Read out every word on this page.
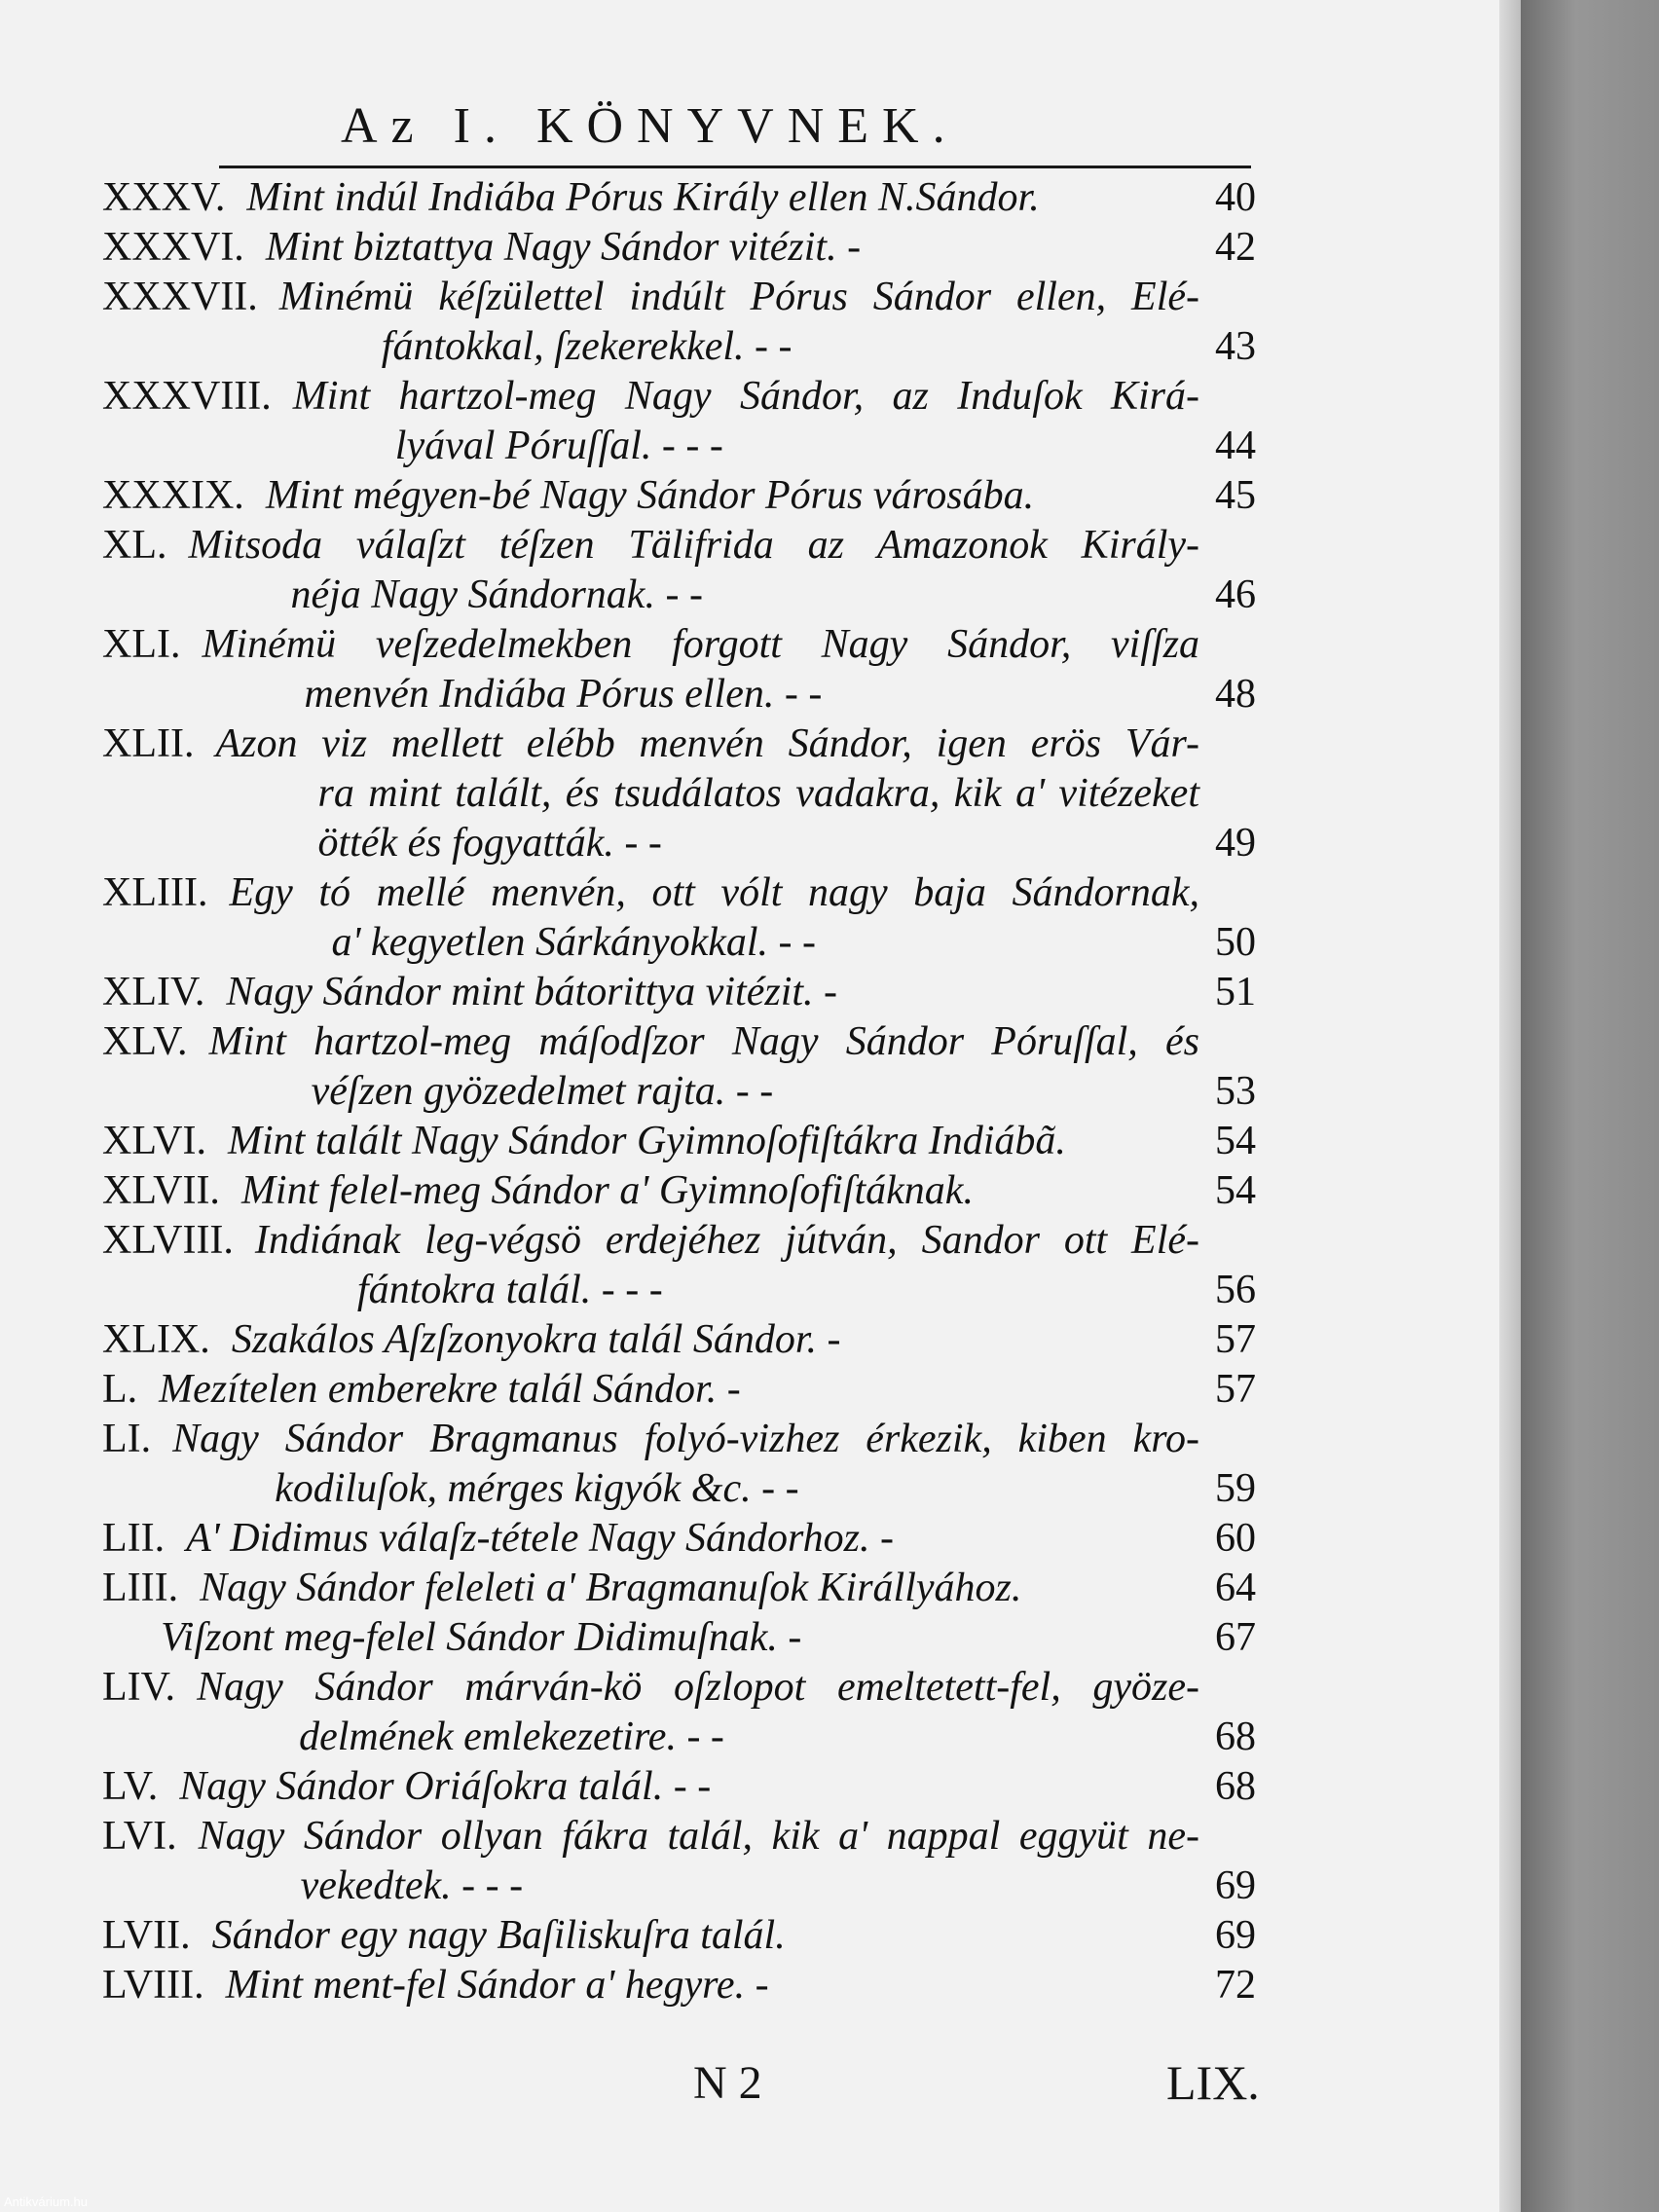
Az I. KÖNYVNEK.
XXXV. Mint indúl Indiába Pórus Király ellen N.Sándor.	40
XXXVI. Mint biztattya Nagy Sándor vitézit. -	42
XXXVII. Minémü kéſzülettel indúlt Pórus Sándor ellen, Elé-
fántokkal, ſzekerekkel. - -	43
XXXVIII. Mint hartzol-meg Nagy Sándor, az Induſok Kirá-
lyával Póruſſal. - - -	44
XXXIX. Mint mégyen-bé Nagy Sándor Pórus városába.	45
XL. Mitsoda válaſzt téſzen Tälifrida az Amazonok Király-
néja Nagy Sándornak. - -	46
XLI. Minémü veſzedelmekben forgott Nagy Sándor, viſſza
menvén Indiába Pórus ellen. - -	48
XLII. Azon viz mellett elébb menvén Sándor, igen erös Vár-
ra mint talált, és tsudálatos vadakra, kik a' vitézeket
ötték és fogyatták. - -	49
XLIII. Egy tó mellé menvén, ott vólt nagy baja Sándornak,
a' kegyetlen Sárkányokkal. - -	50
XLIV. Nagy Sándor mint bátorittya vitézit. -	51
XLV. Mint hartzol-meg máſodſzor Nagy Sándor Póruſſal, és
véſzen gyözedelmet rajta. - -	53
XLVI. Mint talált Nagy Sándor Gyimnoſofiſtákra Indiábã.	54
XLVII. Mint felel-meg Sándor a' Gyimnoſofiſtáknak.	54
XLVIII. Indiának leg-végsö erdejéhez jútván, Sandor ott Elé-
fántokra talál. - - -	56
XLIX. Szakálos Aſzſzonyokra talál Sándor. -	57
L. Mezítelen emberekre talál Sándor. -	57
LI. Nagy Sándor Bragmanus folyó-vizhez érkezik, kiben kro-
kodiluſok, mérges kigyók &c. - -	59
LII. A' Didimus válaſz-tétele Nagy Sándorhoz. -	60
LIII. Nagy Sándor feleleti a' Bragmanuſok Királlyához.	64
Viſzont meg-felel Sándor Didimuſnak. -	67
LIV. Nagy Sándor márván-kö oſzlopot emeltetett-fel, gyöze-
delmének emlekezetire. - -	68
LV. Nagy Sándor Oriáſokra talál. - -	68
LVI. Nagy Sándor ollyan fákra talál, kik a' nappal eggyüt ne-
vekedtek. - - -	69
LVII. Sándor egy nagy Baſiliskuſra talál.	69
LVIII. Mint ment-fel Sándor a' hegyre. -	72
N 2	LIX.
Antikvárium.hu
